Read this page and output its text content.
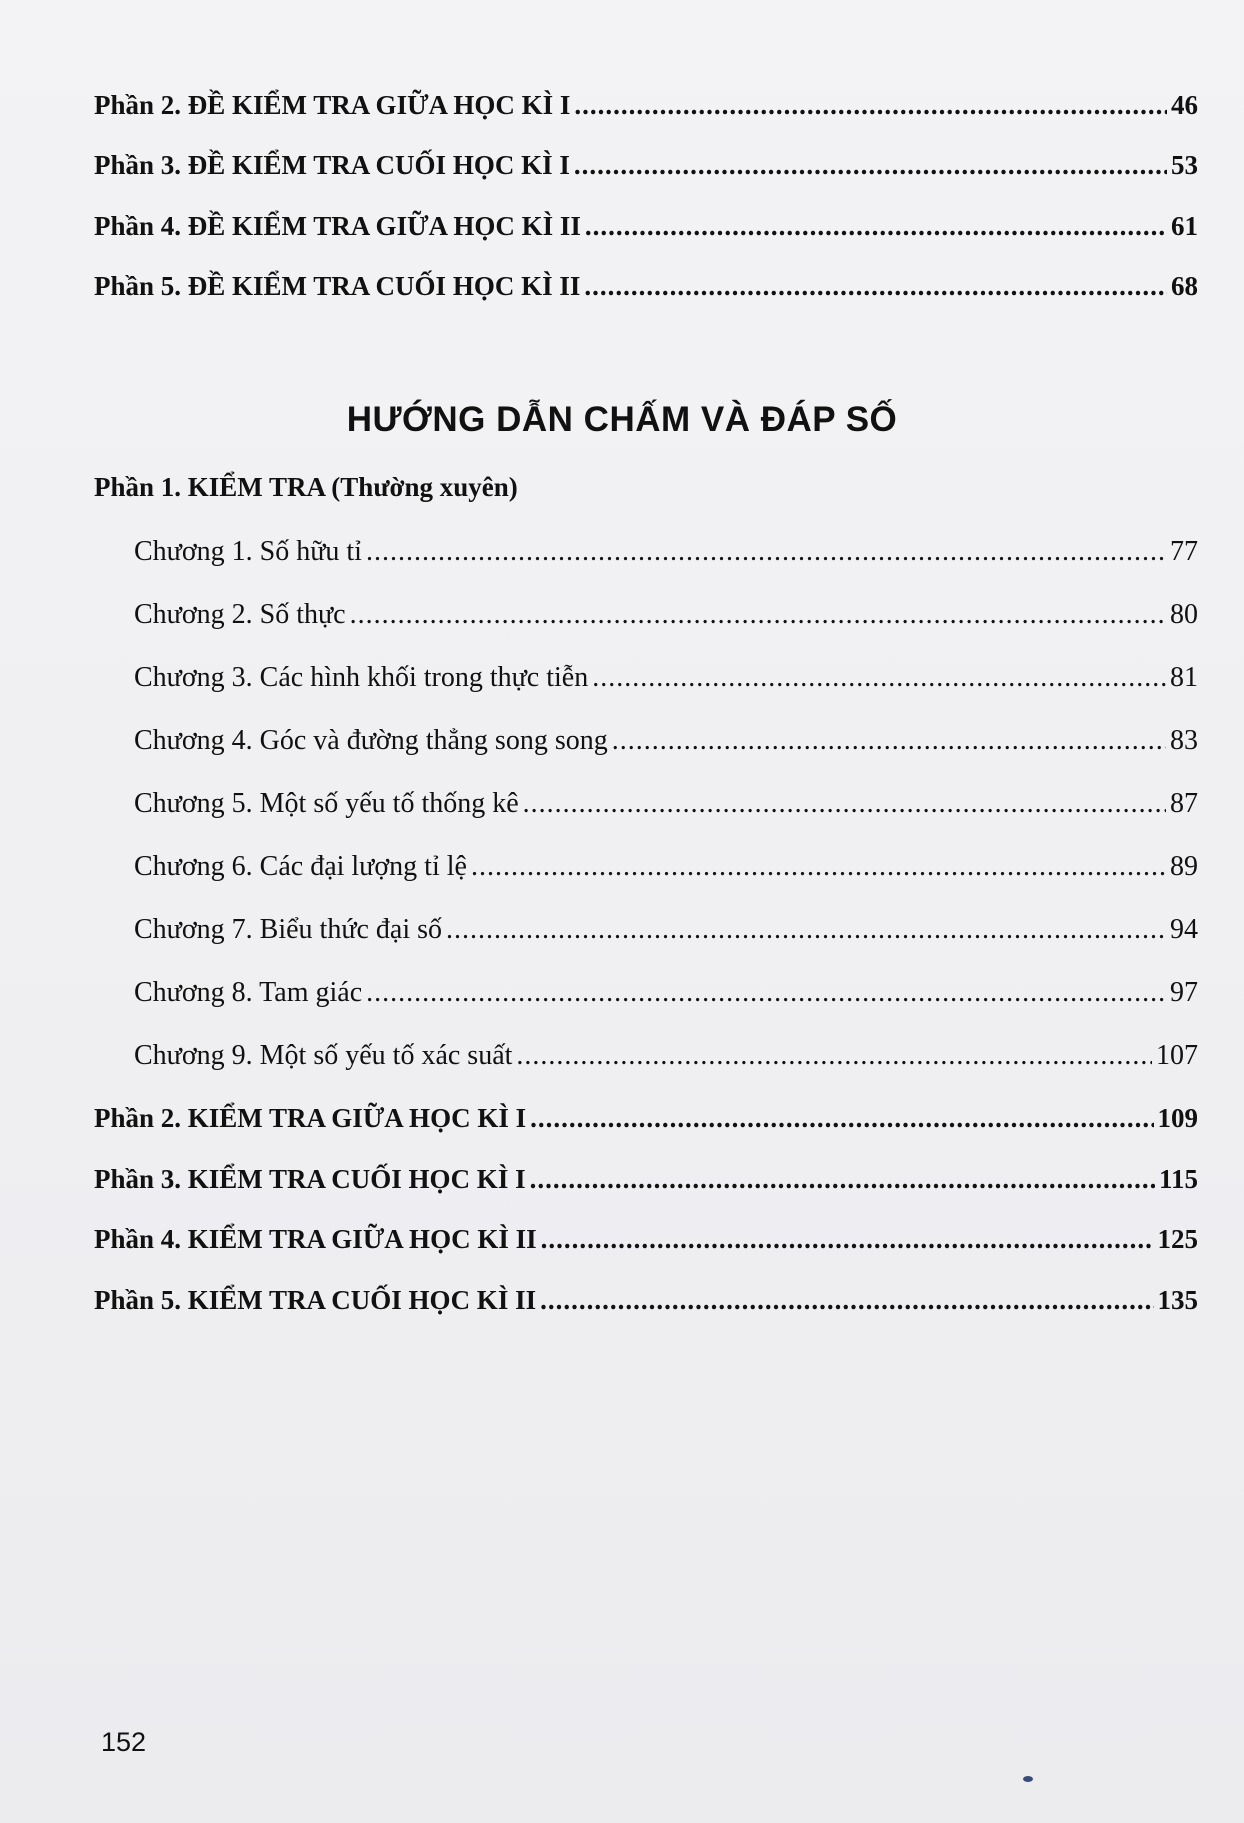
Phần 2. ĐỀ KIỂM TRA GIỮA HỌC KÌ I .....	46
Phần 3. ĐỀ KIỂM TRA CUỐI HỌC KÌ I .....	53
Phần 4. ĐỀ KIỂM TRA GIỮA HỌC KÌ II .....	61
Phần 5. ĐỀ KIỂM TRA CUỐI HỌC KÌ II .....	68
Phần 1. KIỂM TRA (Thường xuyên)
Chương 1. Số hữu tỉ .....	77
Chương 2. Số thực .....	80
Chương 3. Các hình khối trong thực tiễn .....	81
Chương 4. Góc và đường thẳng song song .....	83
Chương 5. Một số yếu tố thống kê .....	87
Chương 6. Các đại lượng tỉ lệ .....	89
Chương 7. Biểu thức đại số .....	94
Chương 8. Tam giác .....	97
Chương 9. Một số yếu tố xác suất .....	107
Phần 2. KIỂM TRA GIỮA HỌC KÌ I .....	109
Phần 3. KIỂM TRA CUỐI HỌC KÌ I .....	115
Phần 4. KIỂM TRA GIỮA HỌC KÌ II .....	125
Phần 5. KIỂM TRA CUỐI HỌC KÌ II .....	135
HƯỚNG DẪN CHẤM VÀ ĐÁP SỐ
152
